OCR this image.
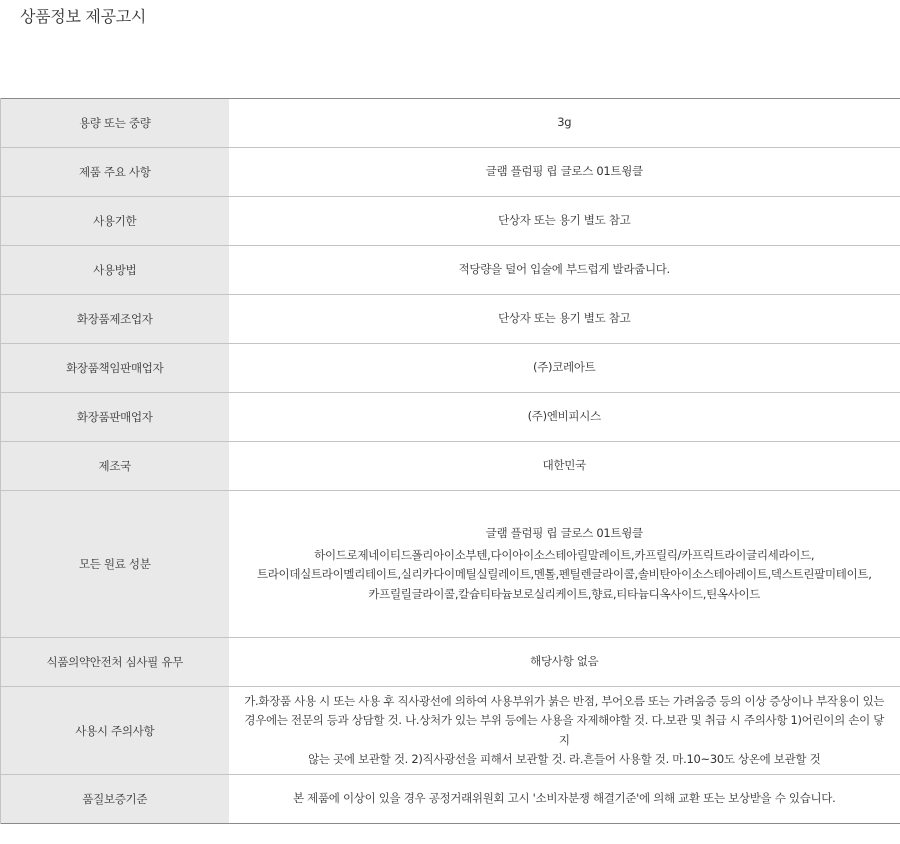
상품정보 제공고시
용량 또는 중량	3g
제품 주요 사항	글램 플럼핑 립 글로스 01트윙클
사용기한	단상자 또는 용기 별도 참고
사용방법	적당량을 덜어 입술에 부드럽게 발라줍니다.
화장품제조업자	단상자 또는 용기 별도 참고
화장품책임판매업자	(주)코레아트
화장품판매업자	(주)엔비피시스
제조국	대한민국
모든 원료 성분	글램 플럼핑 립 글로스 01트윙클
하이드로제네이티드폴리아이소부텐,다이아이소스테아릴말레이트,카프릴릭/카프릭트라이글리세라이드,
트라이데실트라이멜리테이트,실리카다이메틸실릴레이트,멘톨,펜틸렌글라이콜,솔비탄아이소스테아레이트,덱스트린팔미테이트,
카프릴릴글라이콜,칼슘티타늄보로실리케이트,향료,티타늄디옥사이드,틴옥사이드

식품의약안전처 심사필 유무	해당사항 없음
사용시 주의사항	가.화장품 사용 시 또는 사용 후 직사광선에 의하여 사용부위가 붉은 반점, 부어오름 또는 가려움증 등의 이상 증상이나 부작용이 있는
경우에는 전문의 등과 상담할 것. 나.상처가 있는 부위 등에는 사용을 자제해야할 것. 다.보관 및 취급 시 주의사항 1)어린이의 손이 닿지
않는 곳에 보관할 것. 2)직사광선을 피해서 보관할 것. 라.흔들어 사용할 것. 마.10~30도 상온에 보관할 것

품질보증기준	본 제품에 이상이 있을 경우 공정거래위원회 고시 '소비자분쟁 해결기준'에 의해 교환 또는 보상받을 수 있습니다.
